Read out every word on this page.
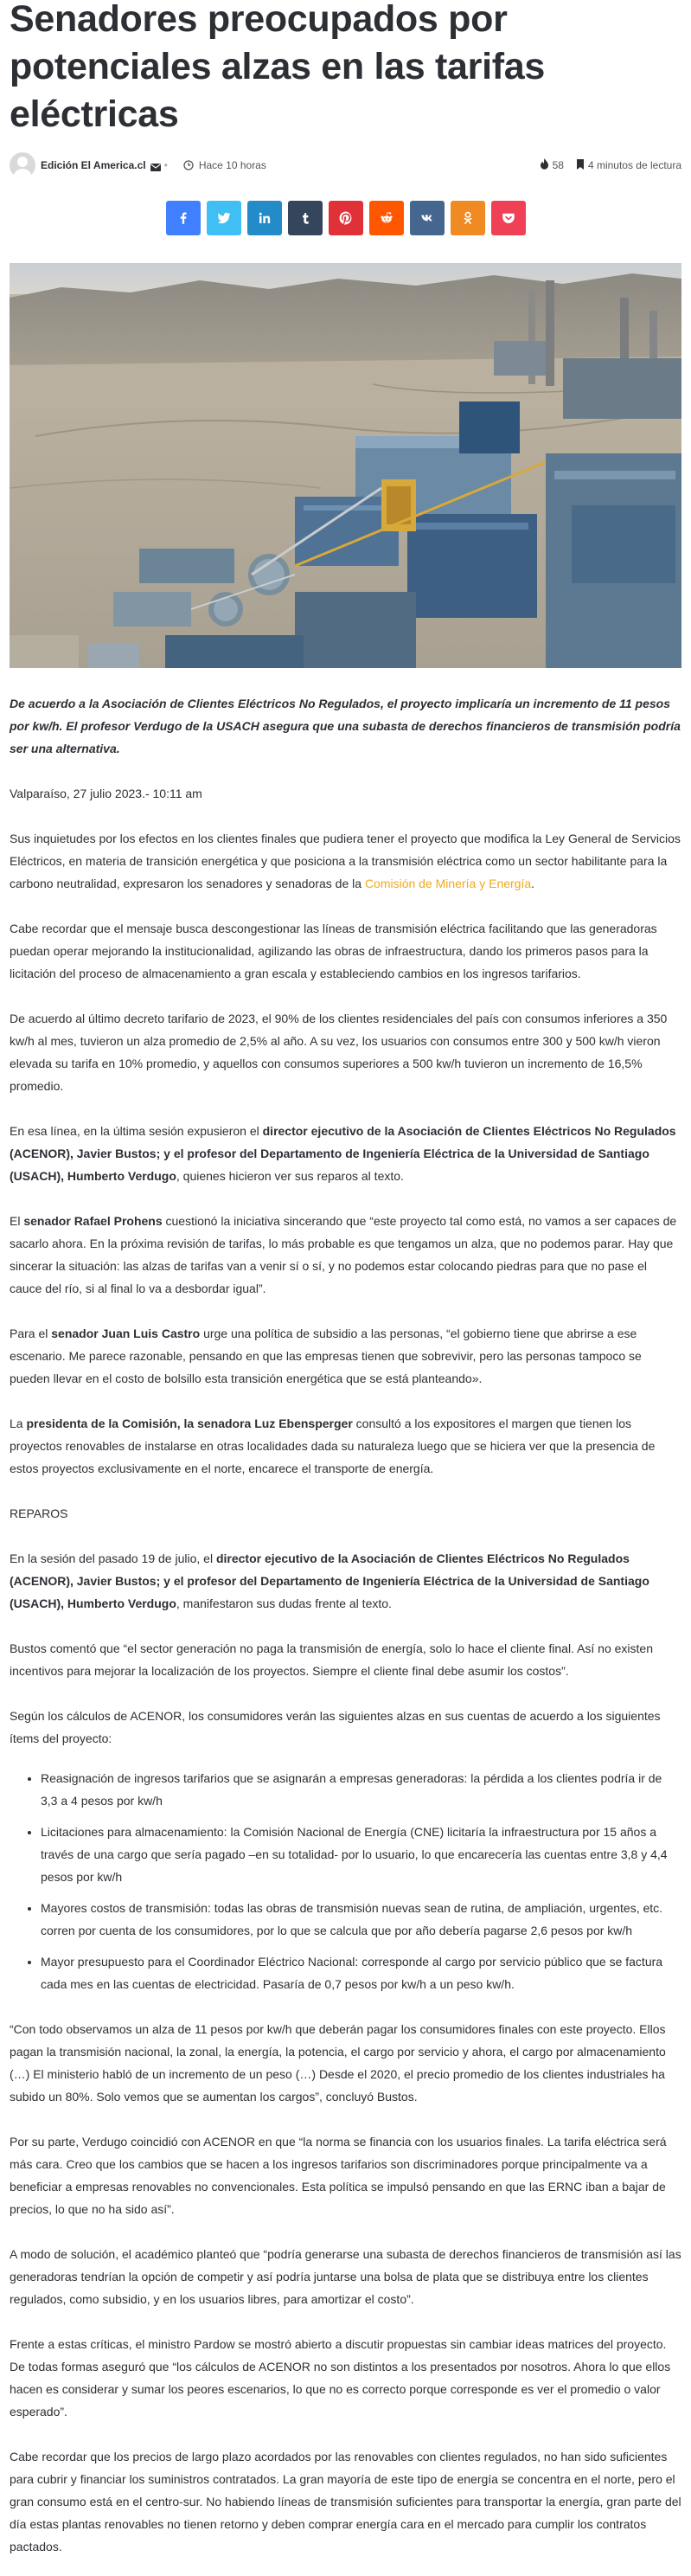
Senadores preocupados por potenciales alzas en las tarifas eléctricas
Edición El America.cl •	Hace 10 horas	58 4 minutos de lectura

De acuerdo a la Asociación de Clientes Eléctricos No Regulados, el proyecto implicaría un incremento de 11 pesos por kw/h. El profesor Verdugo de la USACH asegura que una subasta de derechos financieros de transmisión podría ser una alternativa.

Valparaíso, 27 julio 2023.- 10:11 am

Sus inquietudes por los efectos en los clientes finales que pudiera tener el proyecto que modifica la Ley General de Servicios Eléctricos, en materia de transición energética y que posiciona a la transmisión eléctrica como un sector habilitante para la carbono neutralidad, expresaron los senadores y senadoras de la Comisión de Minería y Energía.

Cabe recordar que el mensaje busca descongestionar las líneas de transmisión eléctrica facilitando que las generadoras puedan operar mejorando la institucionalidad, agilizando las obras de infraestructura, dando los primeros pasos para la licitación del proceso de almacenamiento a gran escala y estableciendo cambios en los ingresos tarifarios.

De acuerdo al último decreto tarifario de 2023, el 90% de los clientes residenciales del país con consumos inferiores a 350 kw/h al mes, tuvieron un alza promedio de 2,5% al año. A su vez, los usuarios con consumos entre 300 y 500 kw/h vieron elevada su tarifa en 10% promedio, y aquellos con consumos superiores a 500 kw/h tuvieron un incremento de 16,5% promedio.

En esa línea, en la última sesión expusieron el director ejecutivo de la Asociación de Clientes Eléctricos No Regulados (ACENOR), Javier Bustos; y el profesor del Departamento de Ingeniería Eléctrica de la Universidad de Santiago (USACH), Humberto Verdugo, quienes hicieron ver sus reparos al texto.

El senador Rafael Prohens cuestionó la iniciativa sincerando que “este proyecto tal como está, no vamos a ser capaces de sacarlo ahora. En la próxima revisión de tarifas, lo más probable es que tengamos un alza, que no podemos parar. Hay que sincerar la situación: las alzas de tarifas van a venir sí o sí, y no podemos estar colocando piedras para que no pase el cauce del río, si al final lo va a desbordar igual”.

Para el senador Juan Luis Castro urge una política de subsidio a las personas, “el gobierno tiene que abrirse a ese escenario. Me parece razonable, pensando en que las empresas tienen que sobrevivir, pero las personas tampoco se pueden llevar en el costo de bolsillo esta transición energética que se está planteando».

La presidenta de la Comisión, la senadora Luz Ebensperger consultó a los expositores el margen que tienen los proyectos renovables de instalarse en otras localidades dada su naturaleza luego que se hiciera ver que la presencia de estos proyectos exclusivamente en el norte, encarece el transporte de energía.

REPAROS

En la sesión del pasado 19 de julio, el director ejecutivo de la Asociación de Clientes Eléctricos No Regulados (ACENOR), Javier Bustos; y el profesor del Departamento de Ingeniería Eléctrica de la Universidad de Santiago (USACH), Humberto Verdugo, manifestaron sus dudas frente al texto.

Bustos comentó que “el sector generación no paga la transmisión de energía, solo lo hace el cliente final. Así no existen incentivos para mejorar la localización de los proyectos. Siempre el cliente final debe asumir los costos”.

Según los cálculos de ACENOR, los consumidores verán las siguientes alzas en sus cuentas de acuerdo a los siguientes ítems del proyecto:

• Reasignación de ingresos tarifarios que se asignarán a empresas generadoras: la pérdida a los clientes podría ir de 3,3 a 4 pesos por kw/h
• Licitaciones para almacenamiento: la Comisión Nacional de Energía (CNE) licitaría la infraestructura por 15 años a través de una cargo que sería pagado –en su totalidad- por lo usuario, lo que encarecería las cuentas entre 3,8 y 4,4 pesos por kw/h
• Mayores costos de transmisión: todas las obras de transmisión nuevas sean de rutina, de ampliación, urgentes, etc. corren por cuenta de los consumidores, por lo que se calcula que por año debería pagarse 2,6 pesos por kw/h
• Mayor presupuesto para el Coordinador Eléctrico Nacional: corresponde al cargo por servicio público que se factura cada mes en las cuentas de electricidad. Pasaría de 0,7 pesos por kw/h a un peso kw/h.

“Con todo observamos un alza de 11 pesos por kw/h que deberán pagar los consumidores finales con este proyecto. Ellos pagan la transmisión nacional, la zonal, la energía, la potencia, el cargo por servicio y ahora, el cargo por almacenamiento (…) El ministerio habló de un incremento de un peso (…) Desde el 2020, el precio promedio de los clientes industriales ha subido un 80%. Solo vemos que se aumentan los cargos”, concluyó Bustos.

Por su parte, Verdugo coincidió con ACENOR en que “la norma se financia con los usuarios finales. La tarifa eléctrica será más cara. Creo que los cambios que se hacen a los ingresos tarifarios son discriminadores porque principalmente va a beneficiar a empresas renovables no convencionales. Esta política se impulsó pensando en que las ERNC iban a bajar de precios, lo que no ha sido así”.

A modo de solución, el académico planteó que “podría generarse una subasta de derechos financieros de transmisión así las generadoras tendrían la opción de competir y así podría juntarse una bolsa de plata que se distribuya entre los clientes regulados, como subsidio, y en los usuarios libres, para amortizar el costo”.

Frente a estas críticas, el ministro Pardow se mostró abierto a discutir propuestas sin cambiar ideas matrices del proyecto. De todas formas aseguró que “los cálculos de ACENOR no son distintos a los presentados por nosotros. Ahora lo que ellos hacen es considerar y sumar los peores escenarios, lo que no es correcto porque corresponde es ver el promedio o valor esperado”.

Cabe recordar que los precios de largo plazo acordados por las renovables con clientes regulados, no han sido suficientes para cubrir y financiar los suministros contratados. La gran mayoría de este tipo de energía se concentra en el norte, pero el gran consumo está en el centro-sur. No habiendo líneas de transmisión suficientes para transportar la energía, gran parte del día estas plantas renovables no tienen retorno y deben comprar energía cara en el mercado para cumplir los contratos pactados.
